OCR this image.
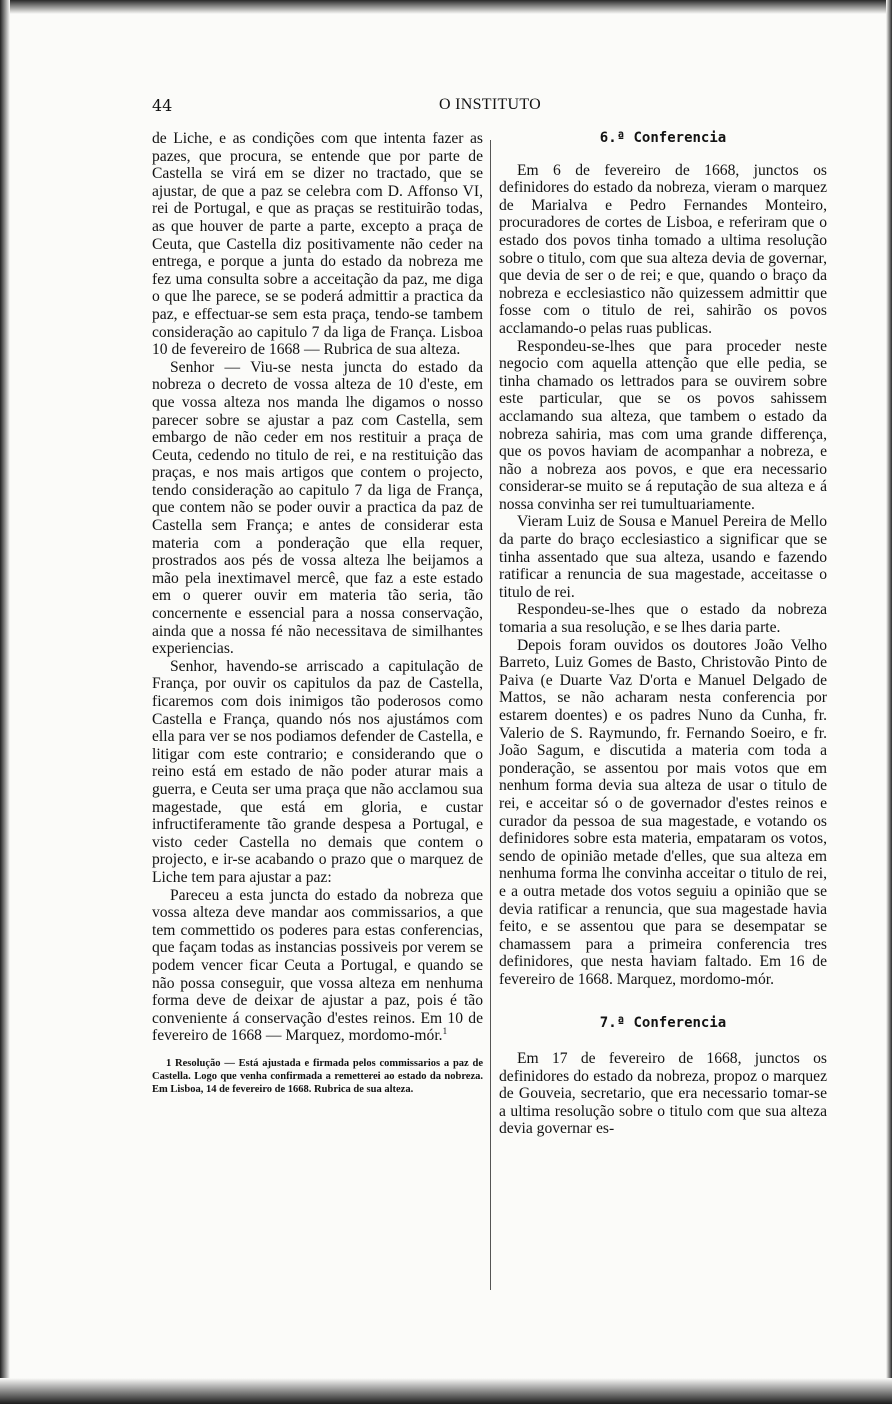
44	O INSTITUTO

de Liche, e as condições com que intenta fazer as pazes, que procura, se entende que por parte de Castella se virá em se dizer no tractado, que se ajustar, de que a paz se celebra com D. Affonso VI, rei de Portugal, e que as praças se restituirão todas, as que houver de parte a parte, excepto a praça de Ceuta, que Castella diz positivamente não ceder na entrega, e porque a junta do estado da nobreza me fez uma consulta sobre a acceitação da paz, me diga o que lhe parece, se se poderá admittir a practica da paz, e effectuar-se sem esta praça, tendo-se tambem consideração ao capitulo 7 da liga de França. Lisboa 10 de fevereiro de 1668 — Rubrica de sua alteza.

Senhor — Viu-se nesta juncta do estado da nobreza o decreto de vossa alteza de 10 d'este, em que vossa alteza nos manda lhe digamos o nosso parecer sobre se ajustar a paz com Castella, sem embargo de não ceder em nos restituir a praça de Ceuta, cedendo no titulo de rei, e na restituição das praças, e nos mais artigos que contem o projecto, tendo consideração ao capitulo 7 da liga de França, que contem não se poder ouvir a practica da paz de Castella sem França; e antes de considerar esta materia com a ponderação que ella requer, prostrados aos pés de vossa alteza lhe beijamos a mão pela inextimavel mercê, que faz a este estado em o querer ouvir em materia tão seria, tão concernente e essencial para a nossa conservação, ainda que a nossa fé não necessitava de similhantes experiencias.

Senhor, havendo-se arriscado a capitulação de França, por ouvir os capitulos da paz de Castella, ficaremos com dois inimigos tão poderosos como Castella e França, quando nós nos ajustámos com ella para ver se nos podiamos defender de Castella, e litigar com este contrario; e considerando que o reino está em estado de não poder aturar mais a guerra, e Ceuta ser uma praça que não acclamou sua magestade, que está em gloria, e custar infructiferamente tão grande despesa a Portugal, e visto ceder Castella no demais que contem o projecto, e ir-se acabando o prazo que o marquez de Liche tem para ajustar a paz:

Pareceu a esta juncta do estado da nobreza que vossa alteza deve mandar aos commissarios, a que tem commettido os poderes para estas conferencias, que façam todas as instancias possiveis por verem se podem vencer ficar Ceuta a Portugal, e quando se não possa conseguir, que vossa alteza em nenhuma forma deve de deixar de ajustar a paz, pois é tão conveniente á conservação d'estes reinos. Em 10 de fevereiro de 1668 — Marquez, mordomo-mór.$^1$

1 Resolução — Está ajustada e firmada pelos commissarios a paz de Castella. Logo que venha confirmada a remetterei ao estado da nobreza. Em Lisboa, 14 de fevereiro de 1668. Rubrica de sua alteza.

6.ª Conferencia

Em 6 de fevereiro de 1668, junctos os definidores do estado da nobreza, vieram o marquez de Marialva e Pedro Fernandes Monteiro, procuradores de cortes de Lisboa, e referiram que o estado dos povos tinha tomado a ultima resolução sobre o titulo, com que sua alteza devia de governar, que devia de ser o de rei; e que, quando o braço da nobreza e ecclesiastico não quizessem admittir que fosse com o titulo de rei, sahirão os povos acclamando-o pelas ruas publicas.

Respondeu-se-lhes que para proceder neste negocio com aquella attenção que elle pedia, se tinha chamado os lettrados para se ouvirem sobre este particular, que se os povos sahissem acclamando sua alteza, que tambem o estado da nobreza sahiria, mas com uma grande differença, que os povos haviam de acompanhar a nobreza, e não a nobreza aos povos, e que era necessario considerar-se muito se á reputação de sua alteza e á nossa convinha ser rei tumultuariamente.

Vieram Luiz de Sousa e Manuel Pereira de Mello da parte do braço ecclesiastico a significar que se tinha assentado que sua alteza, usando e fazendo ratificar a renuncia de sua magestade, acceitasse o titulo de rei.

Respondeu-se-lhes que o estado da nobreza tomaria a sua resolução, e se lhes daria parte.

Depois foram ouvidos os doutores João Velho Barreto, Luiz Gomes de Basto, Christovão Pinto de Paiva (e Duarte Vaz D'orta e Manuel Delgado de Mattos, se não acharam nesta conferencia por estarem doentes) e os padres Nuno da Cunha, fr. Valerio de S. Raymundo, fr. Fernando Soeiro, e fr. João Sagum, e discutida a materia com toda a ponderação, se assentou por mais votos que em nenhum forma devia sua alteza de usar o titulo de rei, e acceitar só o de governador d'estes reinos e curador da pessoa de sua magestade, e votando os definidores sobre esta materia, empataram os votos, sendo de opinião metade d'elles, que sua alteza em nenhuma forma lhe convinha acceitar o titulo de rei, e a outra metade dos votos seguiu a opinião que se devia ratificar a renuncia, que sua magestade havia feito, e se assentou que para se desempatar se chamassem para a primeira conferencia tres definidores, que nesta haviam faltado. Em 16 de fevereiro de 1668. Marquez, mordomo-mór.

7.ª Conferencia

Em 17 de fevereiro de 1668, junctos os definidores do estado da nobreza, propoz o marquez de Gouveia, secretario, que era necessario tomar-se a ultima resolução sobre o titulo com que sua alteza devia governar es-
